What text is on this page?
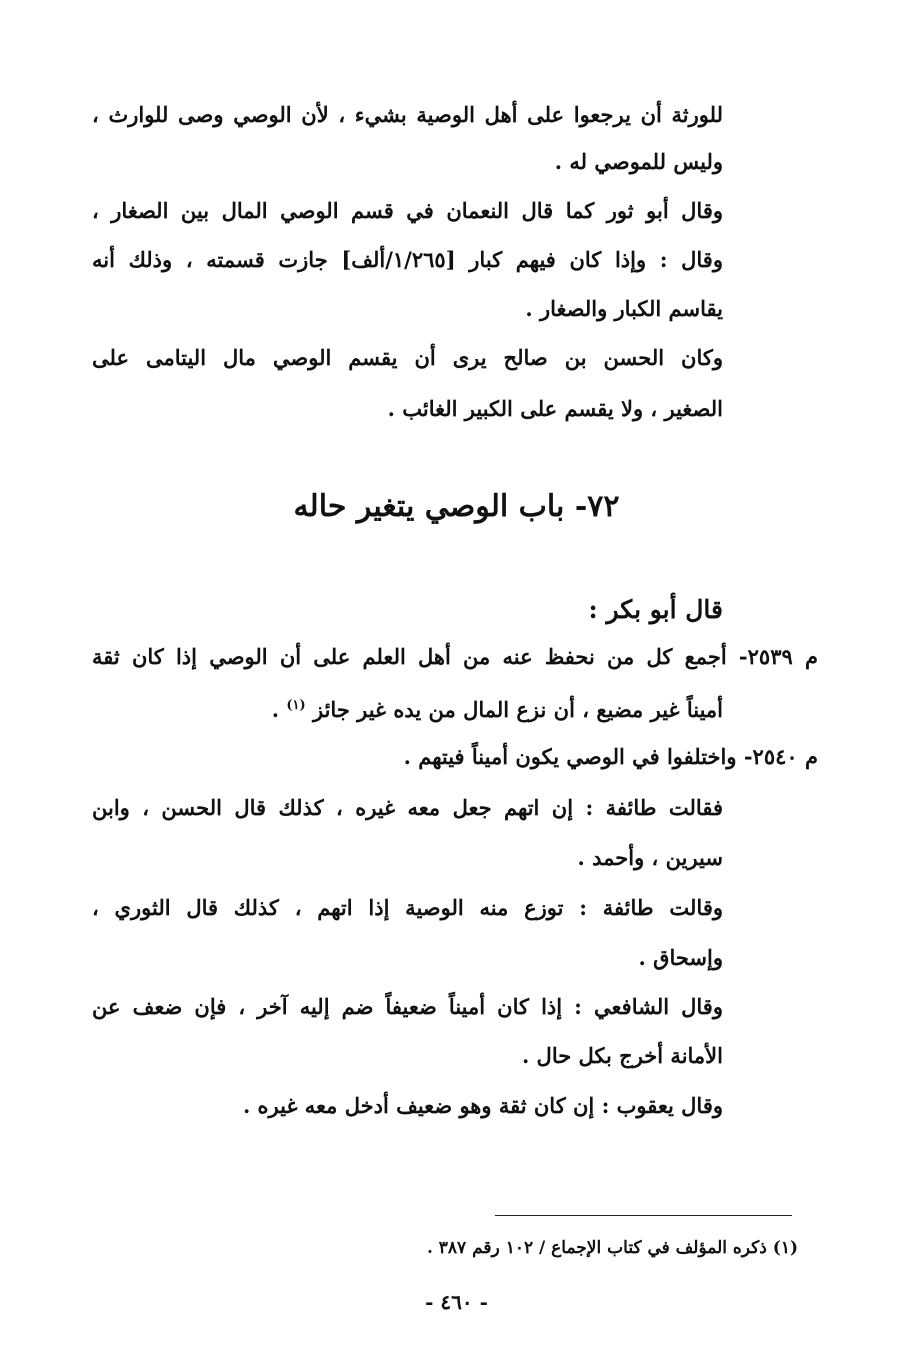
للورثة أن يرجعوا على أهل الوصية بشيء ، لأن الوصي وصى للوارث ،
وليس للموصي له .
وقال أبو ثور كما قال النعمان في قسم الوصي المال بين الصغار ،
وقال : وإذا كان فيهم كبار [١/٢٦٥/ألف] جازت قسمته ، وذلك أنه
يقاسم الكبار والصغار .
وكان الحسن بن صالح يرى أن يقسم الوصي مال اليتامى على
الصغير ، ولا يقسم على الكبير الغائب .
٧٢- باب الوصي يتغير حاله
قال أبو بكر :
م ٢٥٣٩- أجمع كل من نحفظ عنه من أهل العلم على أن الوصي إذا كان ثقة
أميناً غير مضيع ، أن نزع المال من يده غير جائز $^{(١)}$ .
م ٢٥٤٠- واختلفوا في الوصي يكون أميناً فيتهم .
فقالت طائفة : إن اتهم جعل معه غيره ، كذلك قال الحسن ، وابن
سيرين ، وأحمد .
وقالت طائفة : توزع منه الوصية إذا اتهم ، كذلك قال الثوري ،
وإسحاق .
وقال الشافعي : إذا كان أميناً ضعيفاً ضم إليه آخر ، فإن ضعف عن
الأمانة أخرج بكل حال .
وقال يعقوب : إن كان ثقة وهو ضعيف أدخل معه غيره .
(١) ذكره المؤلف في كتاب الإجماع / ١٠٢ رقم ٣٨٧ .
- ٤٦٠ -
